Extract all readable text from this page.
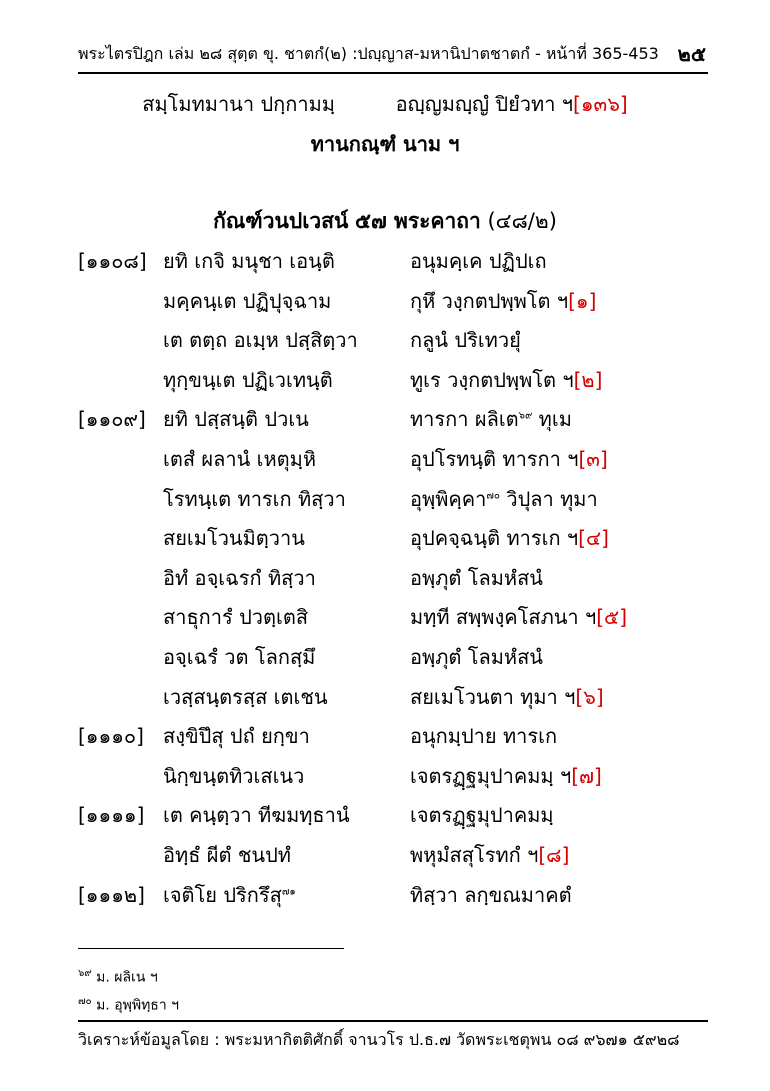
พระไตรปิฎก เล่ม ๒๘ สุตฺต ขุ. ชาตกํ(๒) :ปญฺญาส-มหานิปาตชาตกํ - หน้าที่ 365-453 ๒๕
สมฺโมทมานา ปกฺกามมฺ	อญฺญมญฺญํ ปิยํวทา ฯ[๑๓๖]
ทานกณฺฑํ นาม ฯ
กัณฑ์วนปเวสน์ ๕๗ พระคาถา (๔๘/๒)
[๑๑๐๘] ยทิ เกจิ มนุชา เอนฺติ	อนุมคฺเค ปฏิปเถ
มคฺคนฺเต ปฏิปุจฺฉาม	กุหึ วงฺกตปพฺพโต ฯ[๑]
เต ตตฺถ อเมฺห ปสฺสิตฺวา	กลูนํ ปริเทวยุํ
ทุกฺขนฺเต ปฏิเวเทนฺติ	ทูเร วงฺกตปพฺพโต ฯ[๒]
[๑๑๐๙] ยทิ ปสฺสนฺติ ปวเน	ทารกา ผลิเต$^{๖๙}$ ทุเม
เตสํ ผลานํ เหตุมฺหิ	อุปโรทนฺติ ทารกา ฯ[๓]
โรทนฺเต ทารเก ทิสฺวา	อุพฺพิคฺคา$^{๗๐}$ วิปุลา ทุมา
สยเมโวนมิตฺวาน	อุปคจฺฉนฺติ ทารเก ฯ[๔]
อิทํ อจฺเฉรกํ ทิสฺวา	อพฺภุตํ โลมหํสนํ
สาธุการํ ปวตฺเตสิ	มทฺที สพฺพงฺคโสภนา ฯ[๕]
อจฺเฉรํ วต โลกสฺมึ	อพฺภุตํ โลมหํสนํ
เวสฺสนฺตรสฺส เตเชน	สยเมโวนตา ทุมา ฯ[๖]
[๑๑๑๐] สงฺขิปึสุ ปถํ ยกฺขา	อนุกมฺปาย ทารเก
นิกฺขนฺตทิวเสเนว	เจตรฏฺฐมุปาคมมฺ ฯ[๗]
[๑๑๑๑] เต คนฺตฺวา ทีฆมทฺธานํ	เจตรฏฺฐมุปาคมมฺ
อิทฺธํ ผีตํ ชนปทํ	พหุมํสสุโรทกํ ฯ[๘]
[๑๑๑๒] เจติโย ปริกรึสุ$^{๗๑}$	ทิสฺวา ลกฺขณมาคตํ
$^{๖๙}$ ม. ผลิเน ฯ
$^{๗๐}$ ม. อุพฺพิทฺธา ฯ
วิเคราะห์ข้อมูลโดย : พระมหากิตติศักดิ์ จานวโร ป.ธ.๗ วัดพระเชตุพน ๐๘ ๙๖๗๑ ๕๙๒๘
